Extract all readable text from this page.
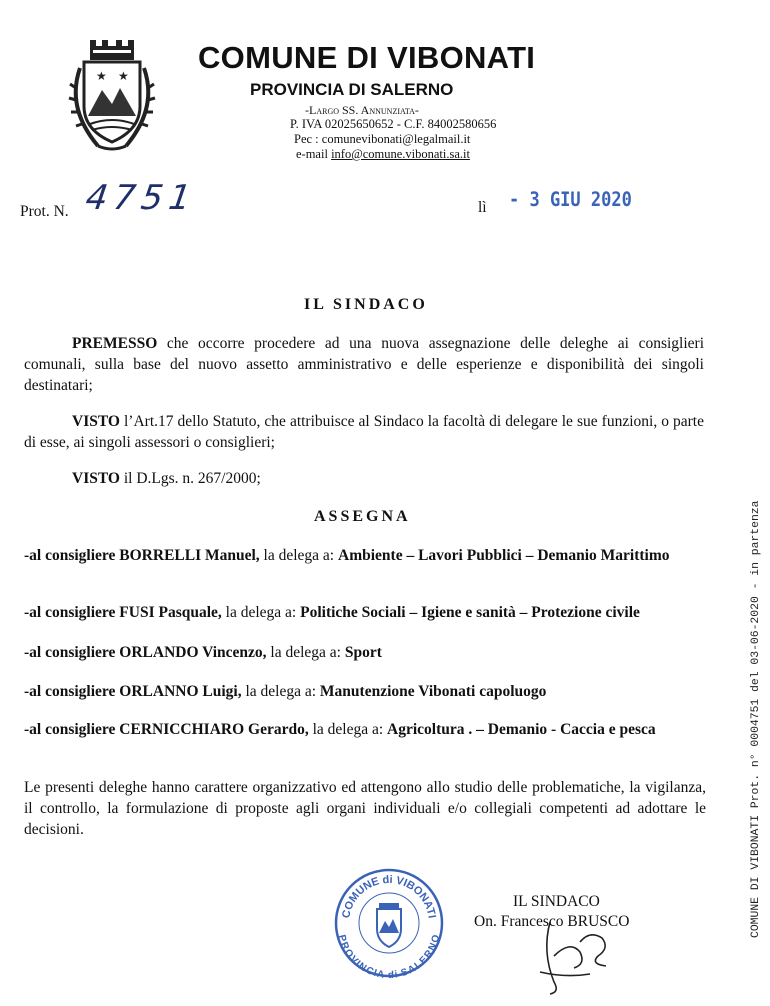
★ ★
COMUNE DI VIBONATI
PROVINCIA DI SALERNO
-Largo SS. Annunziata-
P. IVA 02025650652 - C.F. 84002580656
Pec : comunevibonati@legalmail.it
e-mail info@comune.vibonati.sa.it
Prot. N. 4751	lì - 3 GIU 2020
IL SINDACO
PREMESSO che occorre procedere ad una nuova assegnazione delle deleghe ai consiglieri comunali, sulla base del nuovo assetto amministrativo e delle esperienze e disponibilità dei singoli destinatari;
VISTO l’Art.17 dello Statuto, che attribuisce al Sindaco la facoltà di delegare le sue funzioni, o parte di esse, ai singoli assessori o consiglieri;
VISTO il D.Lgs. n. 267/2000;
ASSEGNA
-al consigliere BORRELLI Manuel, la delega a: Ambiente – Lavori Pubblici – Demanio Marittimo
-al consigliere FUSI Pasquale, la delega a: Politiche Sociali – Igiene e sanità – Protezione civile
-al consigliere ORLANDO Vincenzo, la delega a: Sport
-al consigliere ORLANNO Luigi, la delega a: Manutenzione Vibonati capoluogo
-al consigliere CERNICCHIARO Gerardo, la delega a: Agricoltura . – Demanio - Caccia e pesca
Le presenti deleghe hanno carattere organizzativo ed attengono allo studio delle problematiche, la vigilanza, il controllo, la formulazione di proposte agli organi individuali e/o collegiali competenti ad adottare le decisioni.
COMUNE di VIBONATI
PROVINCIA di SALERNO
IL SINDACO
On. Francesco BRUSCO	COMUNE DI VIBONATI Prot. n° 0004751 del 03-06-2020 - in partenza
